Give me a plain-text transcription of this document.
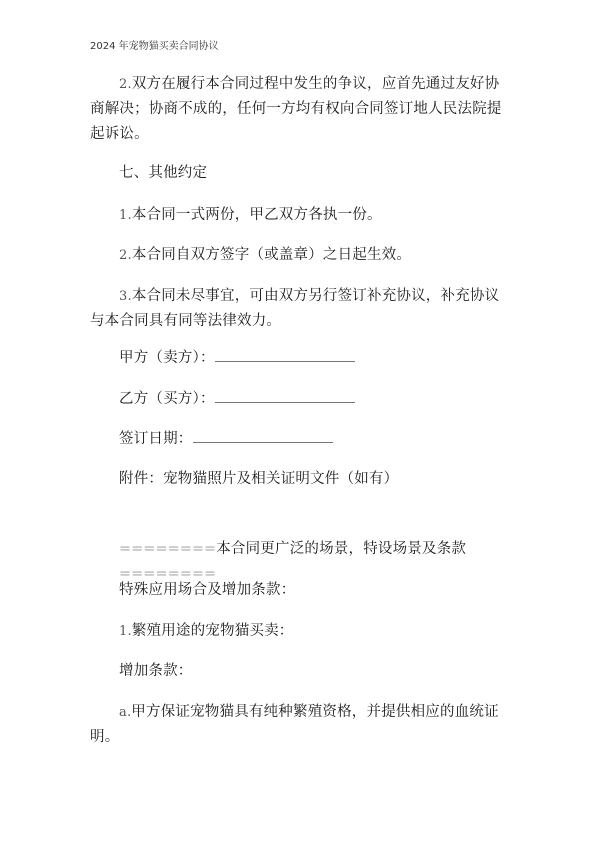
2024 年宠物猫买卖合同协议
2.双方在履行本合同过程中发生的争议，应首先通过友好协商解决；协商不成的，任何一方均有权向合同签订地人民法院提起诉讼。
七、其他约定
1.本合同一式两份，甲乙双方各执一份。
2.本合同自双方签字（或盖章）之日起生效。
3.本合同未尽事宜，可由双方另行签订补充协议，补充协议与本合同具有同等法律效力。
甲方（卖方）：
乙方（买方）：
签订日期：
附件：宠物猫照片及相关证明文件（如有）
========本合同更广泛的场景，特设场景及条款========
特殊应用场合及增加条款：
1.繁殖用途的宠物猫买卖：
增加条款：
a.甲方保证宠物猫具有纯种繁殖资格，并提供相应的血统证明。
